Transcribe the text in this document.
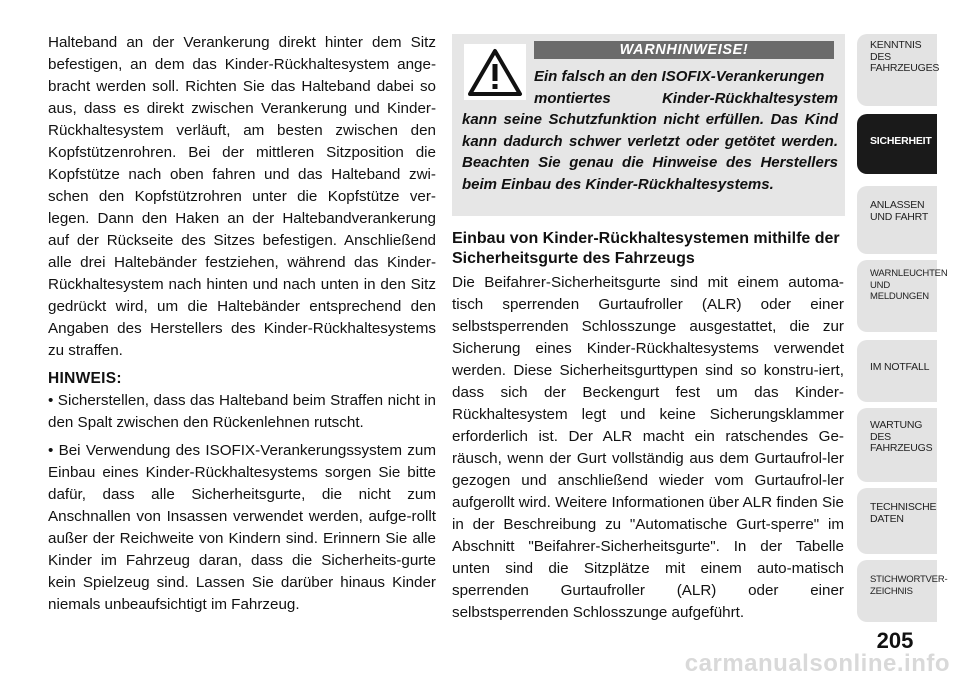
Halteband an der Verankerung direkt hinter dem Sitz befestigen, an dem das Kinder-Rückhaltesystem ange-bracht werden soll. Richten Sie das Halteband dabei so aus, dass es direkt zwischen Verankerung und Kinder-Rückhaltesystem verläuft, am besten zwischen den Kopfstützenrohren. Bei der mittleren Sitzposition die Kopfstütze nach oben fahren und das Halteband zwi-schen den Kopfstützrohren unter die Kopfstütze ver-legen. Dann den Haken an der Haltebandverankerung auf der Rückseite des Sitzes befestigen. Anschließend alle drei Haltebänder festziehen, während das Kinder-Rückhaltesystem nach hinten und nach unten in den Sitz gedrückt wird, um die Haltebänder entsprechend den Angaben des Herstellers des Kinder-Rückhaltesystems zu straffen.

HINWEIS:

• Sicherstellen, dass das Halteband beim Straffen nicht in den Spalt zwischen den Rückenlehnen rutscht.

• Bei Verwendung des ISOFIX-Verankerungssystem zum Einbau eines Kinder-Rückhaltesystems sorgen Sie bitte dafür, dass alle Sicherheitsgurte, die nicht zum Anschnallen von Insassen verwendet werden, aufge-rollt außer der Reichweite von Kindern sind. Erinnern Sie alle Kinder im Fahrzeug daran, dass die Sicherheits-gurte kein Spielzeug sind. Lassen Sie darüber hinaus Kinder niemals unbeaufsichtigt im Fahrzeug.

WARNHINWEISE!
Ein falsch an den ISOFIX-Verankerungen
montiertes Kinder-Rückhaltesystem
kann seine Schutzfunktion nicht erfüllen. Das Kind kann dadurch schwer verletzt oder getötet werden. Beachten Sie genau die Hinweise des Herstellers beim Einbau des Kinder-Rückhaltesystems.
Einbau von Kinder-Rückhaltesystemen mithilfe der Sicherheitsgurte des Fahrzeugs

Die Beifahrer-Sicherheitsgurte sind mit einem automa-tisch sperrenden Gurtaufroller (ALR) oder einer selbstsperrenden Schlosszunge ausgestattet, die zur Sicherung eines Kinder-Rückhaltesystems verwendet werden. Diese Sicherheitsgurttypen sind so konstru-iert, dass sich der Beckengurt fest um das Kinder-Rückhaltesystem legt und keine Sicherungsklammer erforderlich ist. Der ALR macht ein ratschendes Ge-räusch, wenn der Gurt vollständig aus dem Gurtaufrol-ler gezogen und anschließend wieder vom Gurtaufrol-ler aufgerollt wird. Weitere Informationen über ALR finden Sie in der Beschreibung zu "Automatische Gurt-sperre" im Abschnitt "Beifahrer-Sicherheitsgurte". In der Tabelle unten sind die Sitzplätze mit einem auto-matisch sperrenden Gurtaufroller (ALR) oder einer selbstsperrenden Schlosszunge aufgeführt.

KENNTNIS
DES
FAHRZEUGES
SICHERHEIT
ANLASSEN
UND FAHRT
WARNLEUCHTEN
UND
MELDUNGEN
IM NOTFALL
WARTUNG
DES
FAHRZEUGS
TECHNISCHE
DATEN
STICHWORTVER-
ZEICHNIS
205
carmanualsonline.info
